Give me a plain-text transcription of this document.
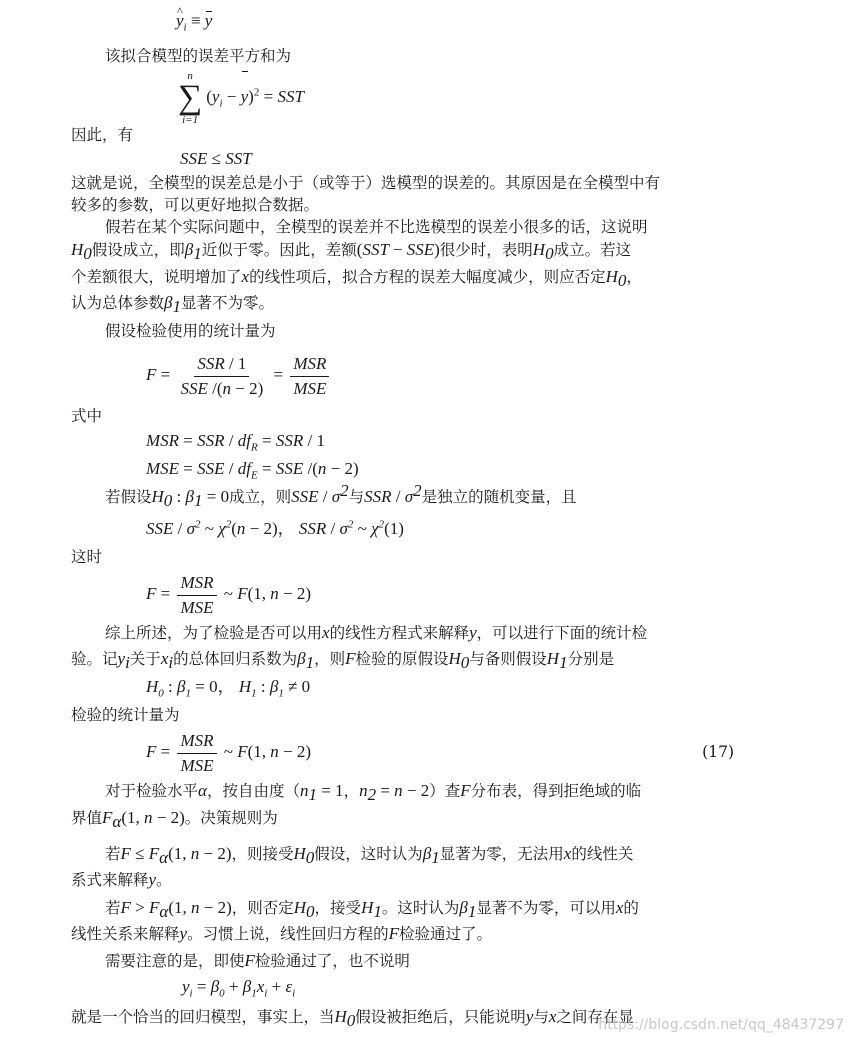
^ $y_i \equiv y$
该拟合模型的误差平方和为
n
∑
i=1
$(y_i - y)^2$ = SST
因此，有
SSE ≤ SST
这就是说，全模型的误差总是小于（或等于）选模型的误差的。其原因是在全模型中有
较多的参数，可以更好地拟合数据。
假若在某个实际问题中，全模型的误差并不比选模型的误差小很多的话，这说明
$H_0$假设成立，即$\beta_1$近似于零。因此，差额(SST − SSE)很少时，表明$H_0$成立。若这
个差额很大，说明增加了x的线性项后，拟合方程的误差大幅度减少，则应否定$H_0$，
认为总体参数$\beta_1$显著不为零。
假设检验使用的统计量为
$F = \frac{\text{SSR / 1}}{\text{SSE /(n − 2)}} = \frac{\text{MSR}}{\text{MSE}}$
式中
MSR = SSR / $df_R$ = SSR / 1
MSE = SSE / $df_E$ = SSE /(n − 2)
若假设$H_0$ : $\beta_1 = 0$成立，则SSE / $\sigma^2$与SSR / $\sigma^2$是独立的随机变量，且
SSE / $\sigma^2$ ~ $\chi^2(n - 2)$， SSR / $\sigma^2$ ~ $\chi^2(1)$
这时
$F = \frac{\text{MSR}}{\text{MSE}}$ ~ F(1, n − 2)
综上所述，为了检验是否可以用x的线性方程式来解释y，可以进行下面的统计检
验。记$y_i$关于$x_i$的总体回归系数为$\beta_1$，则F检验的原假设$H_0$与备则假设$H_1$分别是
$H_0$ : $\beta_1 = 0$， $H_1$ : $\beta_1 \ne 0$
检验的统计量为
$F = \frac{\text{MSR}}{\text{MSE}}$ ~ F(1, n − 2)	(17)
对于检验水平α，按自由度（$n_1 = 1$，$n_2 = n - 2$）查F分布表，得到拒绝域的临
界值$F_\alpha(1$, n − 2)。决策规则为
若$F \le F_\alpha(1$, n − 2)，则接受$H_0$假设，这时认为$\beta_1$显著为零，无法用x的线性关
系式来解释y。
若$F > F_\alpha(1$, n − 2)，则否定$H_0$，接受$H_1$。这时认为$\beta_1$显著不为零，可以用x的
线性关系来解释y。习惯上说，线性回归方程的F检验通过了。
需要注意的是，即使F检验通过了，也不说明
$y_i = \beta_0 + \beta_1x_i + \varepsilon_i$
就是一个恰当的回归模型，事实上，当$H_0$假设被拒绝后，只能说明y与x之间存在显
https://blog.csdn.net/qq_48437297
